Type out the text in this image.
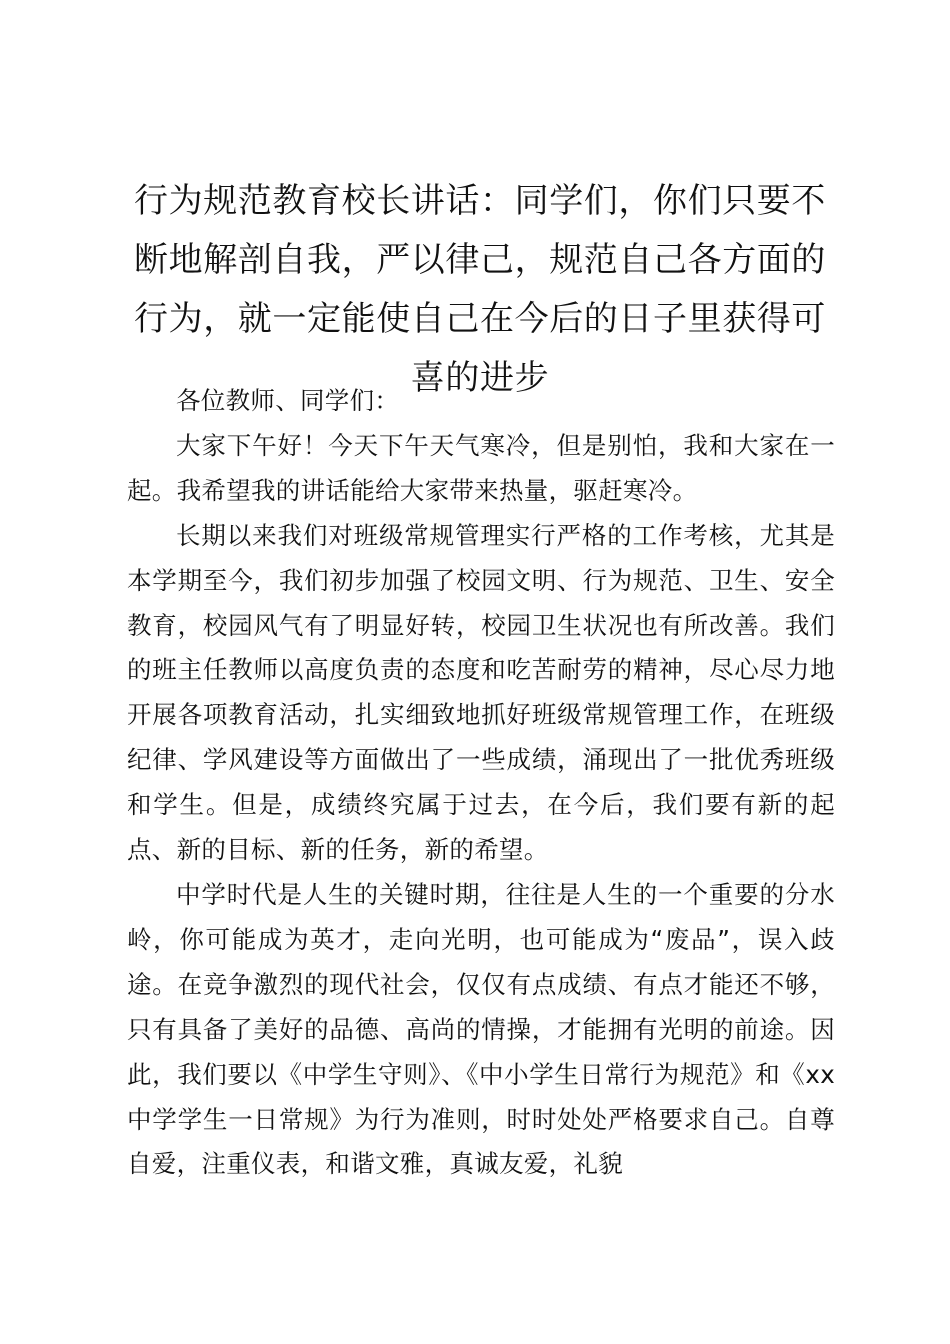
行为规范教育校长讲话：同学们，你们只要不断地解剖自我，严以律己，规范自己各方面的行为，就一定能使自己在今后的日子里获得可喜的进步

各位教师、同学们：

大家下午好！今天下午天气寒冷，但是别怕，我和大家在一起。我希望我的讲话能给大家带来热量，驱赶寒冷。

长期以来我们对班级常规管理实行严格的工作考核，尤其是本学期至今，我们初步加强了校园文明、行为规范、卫生、安全教育，校园风气有了明显好转，校园卫生状况也有所改善。我们的班主任教师以高度负责的态度和吃苦耐劳的精神，尽心尽力地开展各项教育活动，扎实细致地抓好班级常规管理工作，在班级纪律、学风建设等方面做出了一些成绩，涌现出了一批优秀班级和学生。但是，成绩终究属于过去，在今后，我们要有新的起点、新的目标、新的任务，新的希望。

中学时代是人生的关键时期，往往是人生的一个重要的分水岭，你可能成为英才，走向光明，也可能成为“废品”，误入歧途。在竞争激烈的现代社会，仅仅有点成绩、有点才能还不够，只有具备了美好的品德、高尚的情操，才能拥有光明的前途。因此，我们要以《中学生守则》、《中小学生日常行为规范》和《xx 中学学生一日常规》为行为准则，时时处处严格要求自己。自尊自爱，注重仪表，和谐文雅，真诚友爱，礼貌
